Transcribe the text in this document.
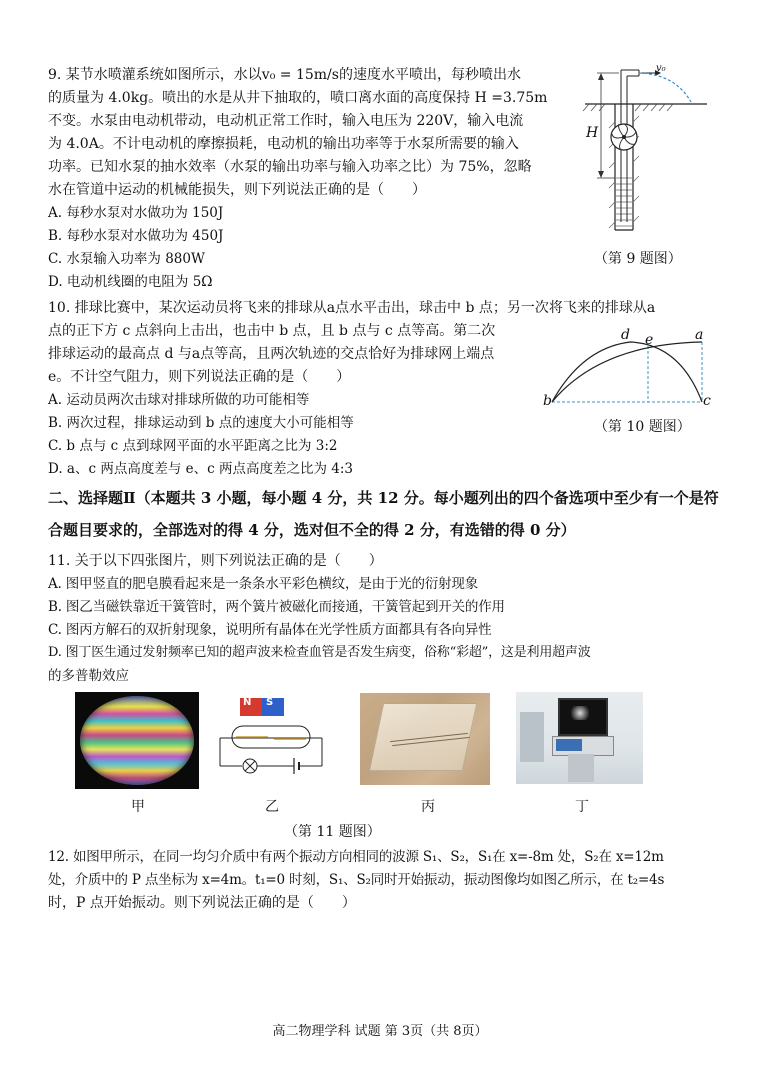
9. 某节水喷灌系统如图所示，水以v₀ = 15m/s的速度水平喷出，每秒喷出水
的质量为 4.0kg。喷出的水是从井下抽取的，喷口离水面的高度保持 H =3.75m
不变。水泵由电动机带动，电动机正常工作时，输入电压为 220V，输入电流
为 4.0A。不计电动机的摩擦损耗，电动机的输出功率等于水泵所需要的输入
功率。已知水泵的抽水效率（水泵的输出功率与输入功率之比）为 75%，忽略
水在管道中运动的机械能损失，则下列说法正确的是（　　）
A. 每秒水泵对水做功为 150J
B. 每秒水泵对水做功为 450J
C. 水泵输入功率为 880W
D. 电动机线圈的电阻为 5Ω
v₀
H
（第 9 题图）
10. 排球比赛中，某次运动员将飞来的排球从a点水平击出，球击中 b 点；另一次将飞来的排球从a
点的正下方 c 点斜向上击出，也击中 b 点，且 b 点与 c 点等高。第二次
排球运动的最高点 d 与a点等高，且两次轨迹的交点恰好为排球网上端点
e。不计空气阻力，则下列说法正确的是（　　）
A. 运动员两次击球对排球所做的功可能相等
B. 两次过程，排球运动到 b 点的速度大小可能相等
C. b 点与 c 点到球网平面的水平距离之比为 3:2
D. a、c 两点高度差与 e、c 两点高度差之比为 4:3
b	c
d e	a
（第 10 题图）
二、选择题Ⅱ（本题共 3 小题，每小题 4 分，共 12 分。每小题列出的四个备选项中至少有一个是符
合题目要求的，全部选对的得 4 分，选对但不全的得 2 分，有选错的得 0 分）
11. 关于以下四张图片，则下列说法正确的是（　　）
A. 图甲竖直的肥皂膜看起来是一条条水平彩色横纹，是由于光的衍射现象
B. 图乙当磁铁靠近干簧管时，两个簧片被磁化而接通，干簧管起到开关的作用
C. 图丙方解石的双折射现象，说明所有晶体在光学性质方面都具有各向异性
D. 图丁医生通过发射频率已知的超声波来检查血管是否发生病变，俗称“彩超”，这是利用超声波
的多普勒效应
N S
甲	乙	丙	丁
（第 11 题图）
12. 如图甲所示，在同一均匀介质中有两个振动方向相同的波源 S₁、S₂，S₁在 x=-8m 处，S₂在 x=12m
处，介质中的 P 点坐标为 x=4m。t₁=0 时刻，S₁、S₂同时开始振动，振动图像均如图乙所示，在 t₂=4s
时，P 点开始振动。则下列说法正确的是（　　）
高二物理学科 试题 第 3页（共 8页）
